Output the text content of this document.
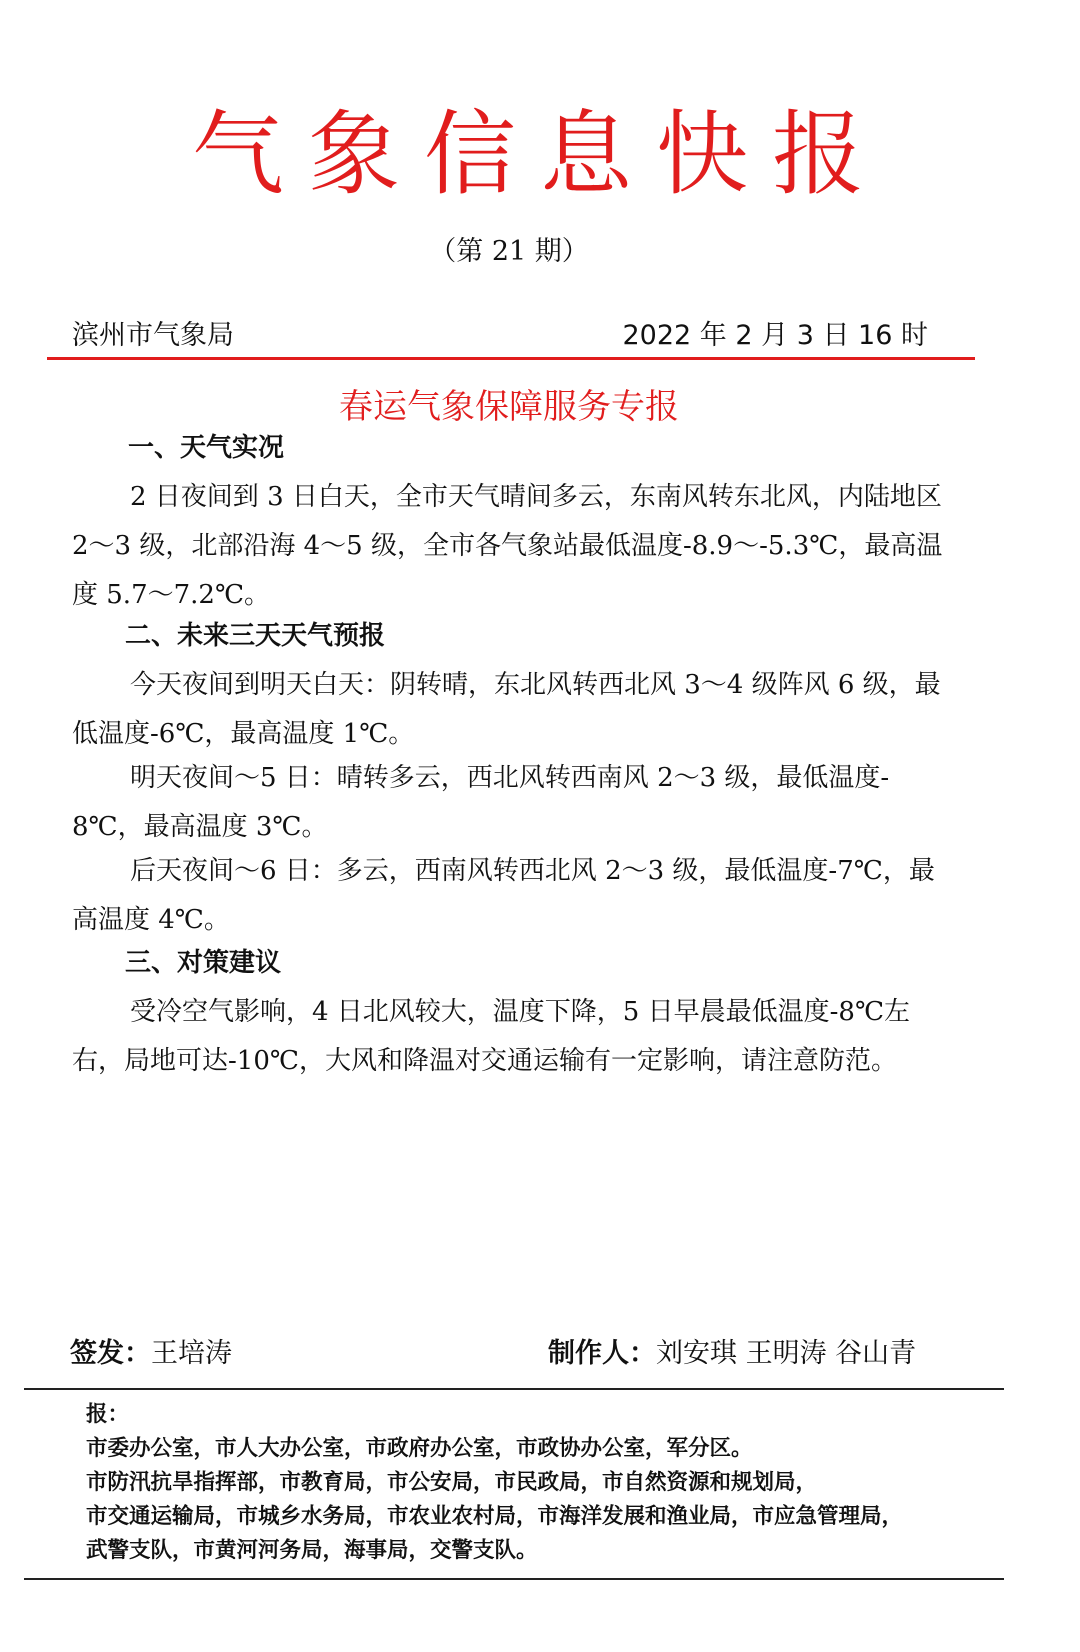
气象信息快报
（第 21 期）
滨州市气象局	2022 年 2 月 3 日 16 时
春运气象保障服务专报
一、天气实况

2 日夜间到 3 日白天，全市天气晴间多云，东南风转东北风，内陆地区 2～3 级，北部沿海 4～5 级，全市各气象站最低温度-8.9～-5.3℃，最高温度 5.7～7.2℃。

二、未来三天天气预报

今天夜间到明天白天：阴转晴，东北风转西北风 3～4 级阵风 6 级，最低温度-6℃，最高温度 1℃。

明天夜间～5 日：晴转多云，西北风转西南风 2～3 级，最低温度-8℃，最高温度 3℃。

后天夜间～6 日：多云，西南风转西北风 2～3 级，最低温度-7℃，最高温度 4℃。

三、对策建议

受冷空气影响，4 日北风较大，温度下降，5 日早晨最低温度-8℃左右，局地可达-10℃，大风和降温对交通运输有一定影响，请注意防范。

签发：王培涛	制作人：刘安琪 王明涛 谷山青
报：
市委办公室，市人大办公室，市政府办公室，市政协办公室，军分区。
市防汛抗旱指挥部，市教育局，市公安局，市民政局，市自然资源和规划局，
市交通运输局，市城乡水务局，市农业农村局，市海洋发展和渔业局，市应急管理局，
武警支队，市黄河河务局，海事局，交警支队。
